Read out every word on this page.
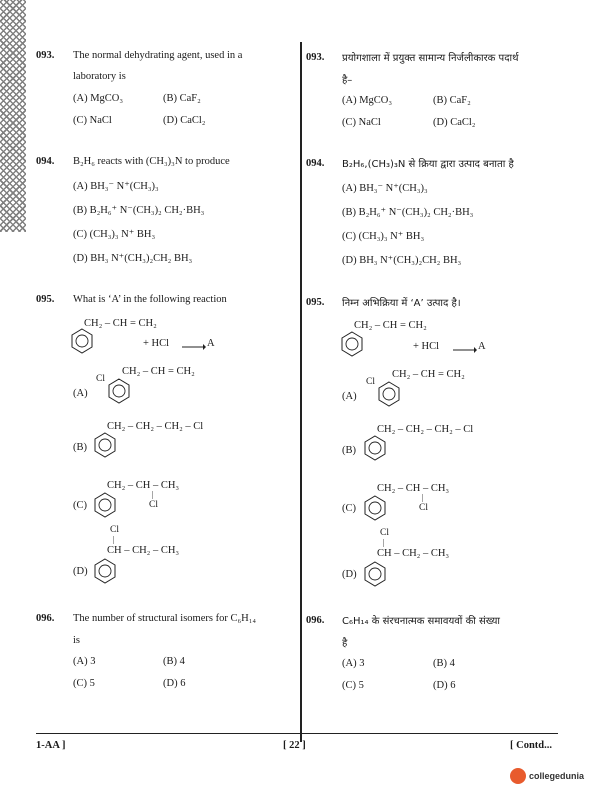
093. The normal dehydrating agent, used in a
laboratory is
(A) MgCO₃	(B) CaF₂
(C) NaCl	(D) CaCl₂
094. B₂H₆ reacts with (CH₃)₃N to produce
(A) BH₃⁻ N⁺(CH₃)₃
(B) B₂H₆⁺ N⁻(CH₃)₂ CH₂·BH₃
(C) (CH₃)₃ N⁺ BH₃
(D) BH₃ N⁺(CH₃)₂CH₂ BH₃
095. What is ‘A’ in the following reaction
CH₂ – CH = CH₂
+ HCl → A
CH₂ – CH = CH₂
Cl
(A)
CH₂ – CH₂ – CH₂ – Cl
(B)
CH₂ – CH – CH₃
|
Cl
(C)
Cl
|
CH – CH₂ – CH₃
(D)
096. The number of structural isomers for C₆H₁₄
is
(A) 3	(B) 4
(C) 5	(D) 6
093. प्रयोगशाला में प्रयुक्त सामान्य निर्जलीकारक पदार्थ
है–
(A) MgCO₃	(B) CaF₂
(C) NaCl	(D) CaCl₂
094. B₂H₆,(CH₃)₃N से क्रिया द्वारा उत्पाद बनाता है
(A) BH₃⁻ N⁺(CH₃)₃
(B) B₂H₆⁺ N⁻(CH₃)₂ CH₂·BH₃
(C) (CH₃)₃ N⁺ BH₃
(D) BH₃ N⁺(CH₃)₂CH₂ BH₃
095. निम्न अभिक्रिया में ‘A’ उत्पाद है।
CH₂ – CH = CH₂
+ HCl → A
CH₂ – CH = CH₂
Cl
(A)
CH₂ – CH₂ – CH₂ – Cl
(B)
CH₂ – CH – CH₃
|
Cl
(C)
Cl
|
CH – CH₂ – CH₃
(D)
096. C₆H₁₄ के संरचनात्मक समावयवों की संख्या
है
(A) 3	(B) 4
(C) 5	(D) 6
1-AA ]	[ 22 ]	[ Contd...
collegedunia
